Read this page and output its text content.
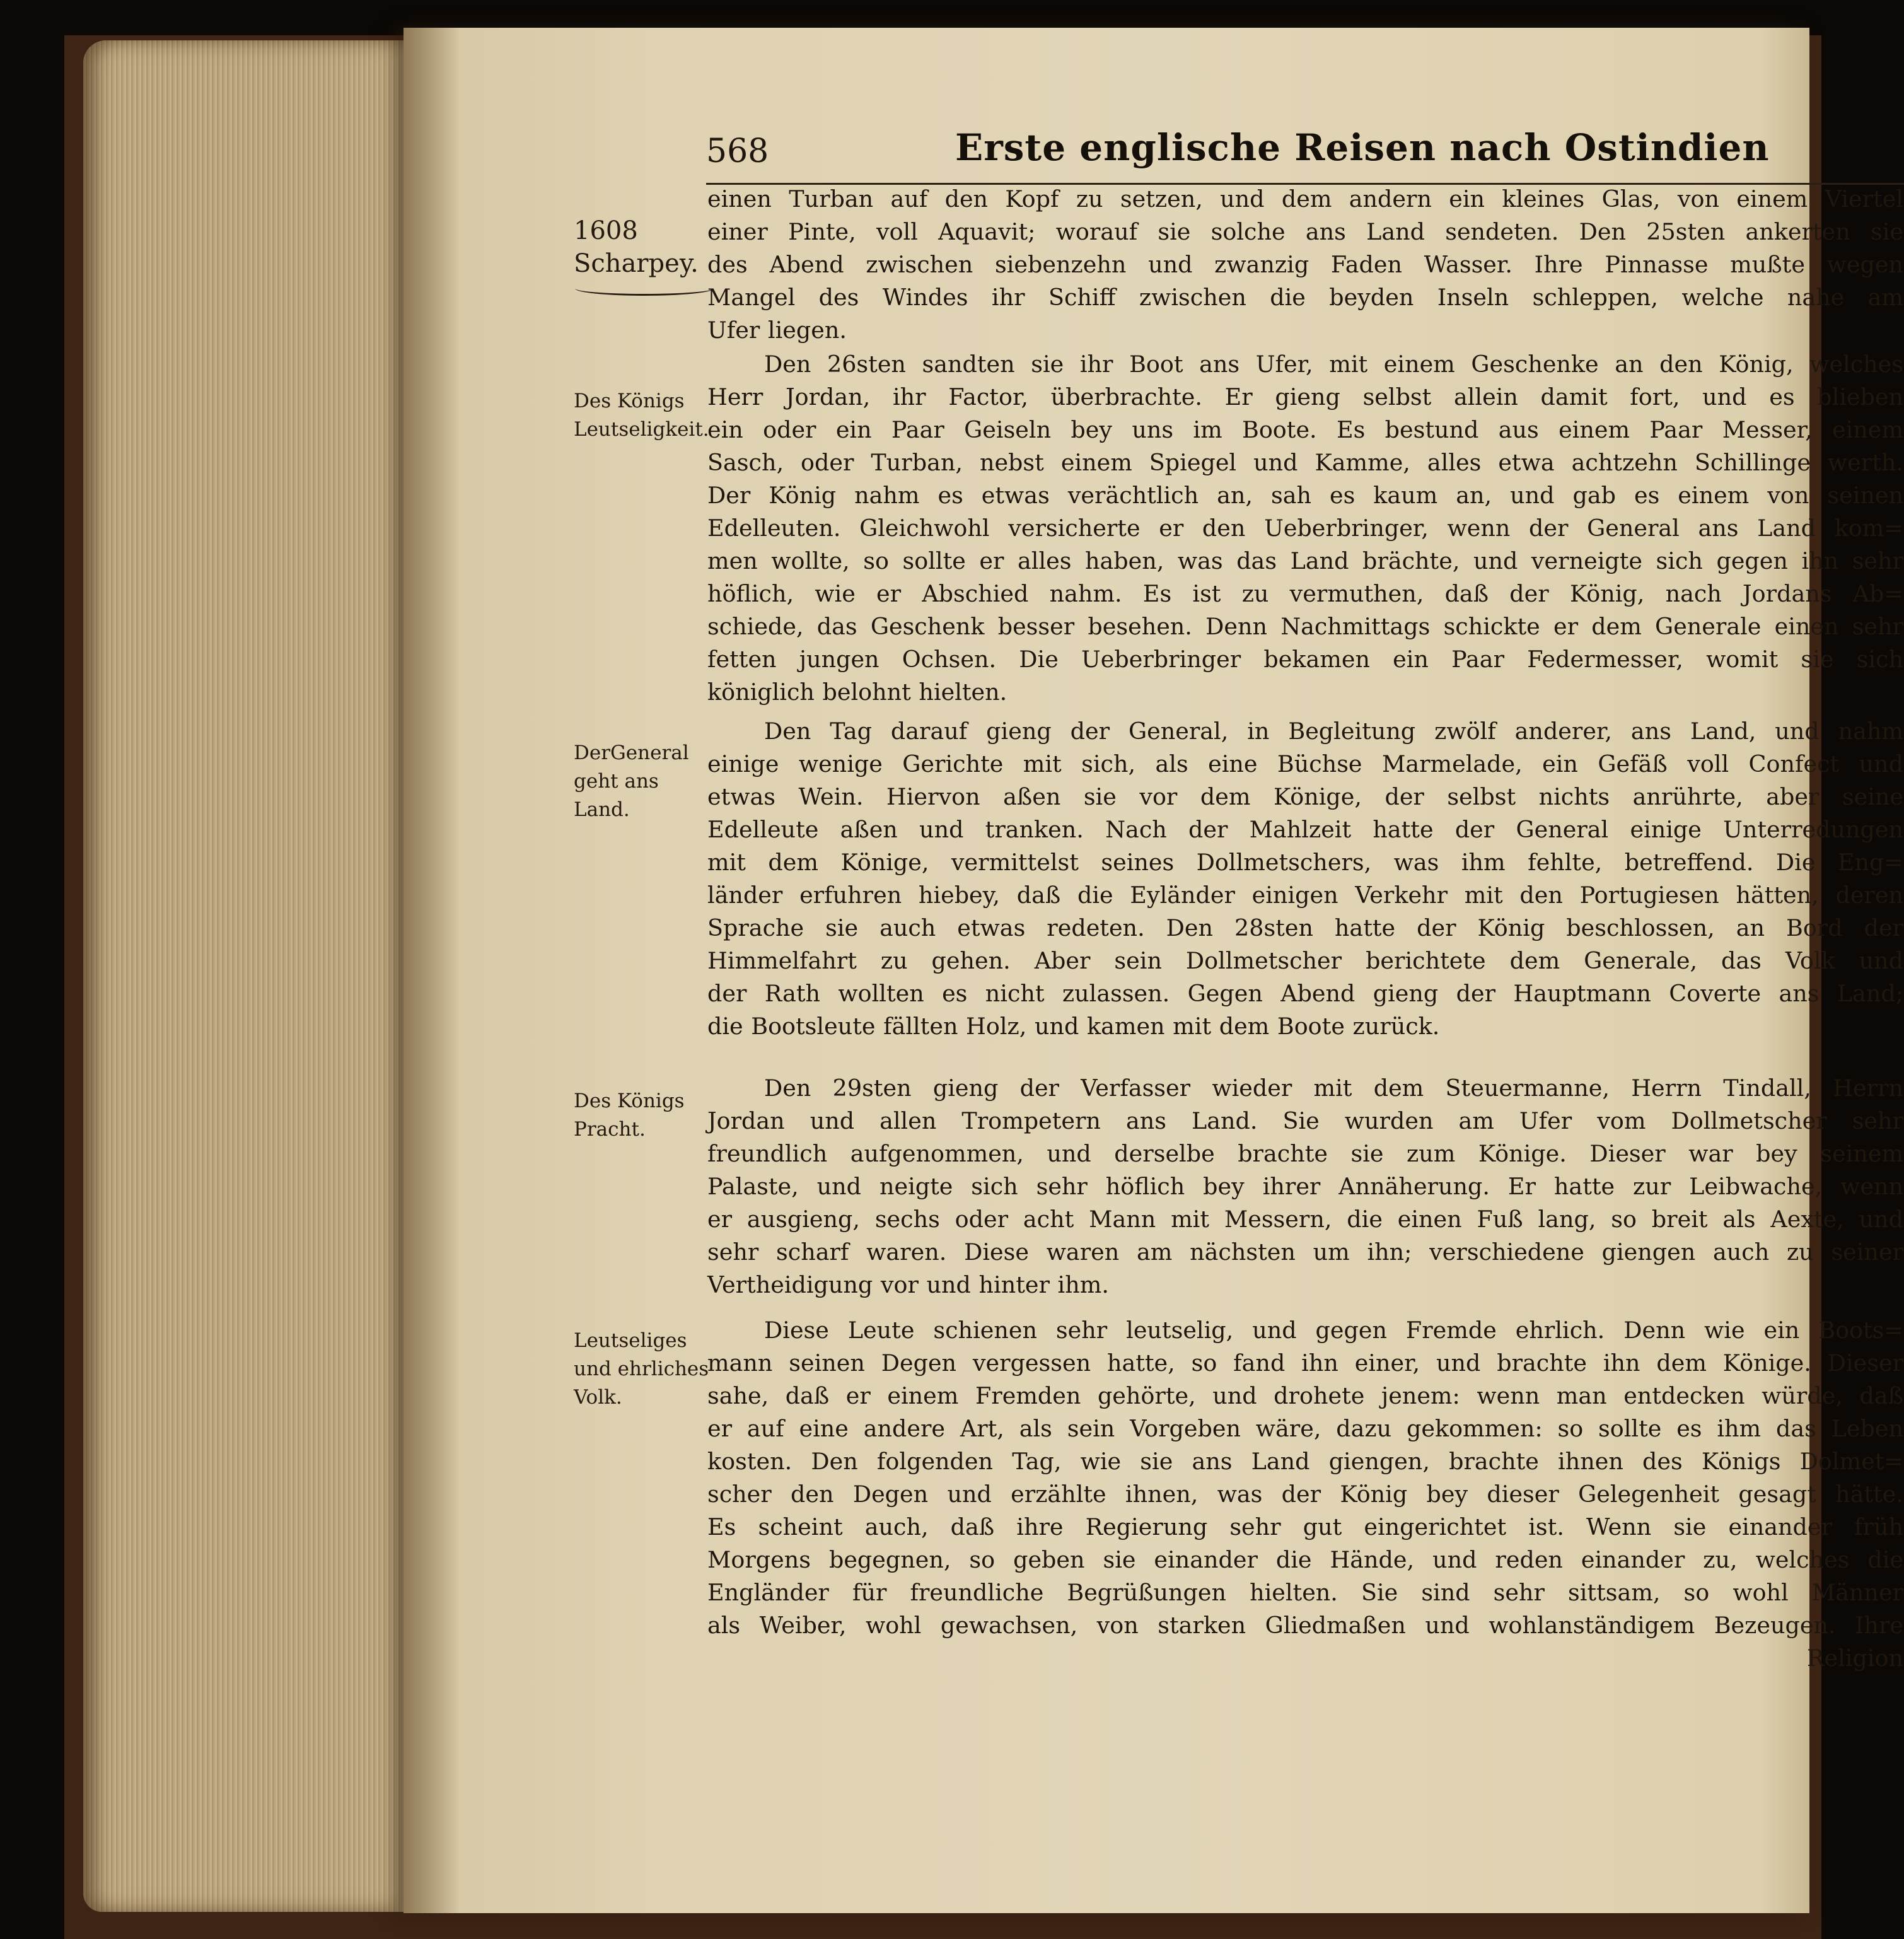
568	Erste englische Reisen nach Ostindien
1608
Scharpey.
Des Königs
Leutseligkeit.
DerGeneral
geht ans
Land.
Des Königs
Pracht.
Leutseliges
und ehrliches
Volk.
einen Turban auf den Kopf zu setzen, und dem andern ein kleines Glas, von einem Viertel
einer Pinte, voll Aquavit; worauf sie solche ans Land sendeten. Den 25sten ankerten sie
des Abend zwischen siebenzehn und zwanzig Faden Wasser. Ihre Pinnasse mußte wegen
Mangel des Windes ihr Schiff zwischen die beyden Inseln schleppen, welche nahe am
Ufer liegen.
Den 26sten sandten sie ihr Boot ans Ufer, mit einem Geschenke an den König, welches
Herr Jordan, ihr Factor, überbrachte. Er gieng selbst allein damit fort, und es blieben
ein oder ein Paar Geiseln bey uns im Boote. Es bestund aus einem Paar Messer, einem
Sasch, oder Turban, nebst einem Spiegel und Kamme, alles etwa achtzehn Schillinge werth.
Der König nahm es etwas verächtlich an, sah es kaum an, und gab es einem von seinen
Edelleuten. Gleichwohl versicherte er den Ueberbringer, wenn der General ans Land kom=
men wollte, so sollte er alles haben, was das Land brächte, und verneigte sich gegen ihn sehr
höflich, wie er Abschied nahm. Es ist zu vermuthen, daß der König, nach Jordans Ab=
schiede, das Geschenk besser besehen. Denn Nachmittags schickte er dem Generale einen sehr
fetten jungen Ochsen. Die Ueberbringer bekamen ein Paar Federmesser, womit sie sich
königlich belohnt hielten.
Den Tag darauf gieng der General, in Begleitung zwölf anderer, ans Land, und nahm
einige wenige Gerichte mit sich, als eine Büchse Marmelade, ein Gefäß voll Confect und
etwas Wein. Hiervon aßen sie vor dem Könige, der selbst nichts anrührte, aber seine
Edelleute aßen und tranken. Nach der Mahlzeit hatte der General einige Unterredungen
mit dem Könige, vermittelst seines Dollmetschers, was ihm fehlte, betreffend. Die Eng=
länder erfuhren hiebey, daß die Eyländer einigen Verkehr mit den Portugiesen hätten, deren
Sprache sie auch etwas redeten. Den 28sten hatte der König beschlossen, an Bord der
Himmelfahrt zu gehen. Aber sein Dollmetscher berichtete dem Generale, das Volk und
der Rath wollten es nicht zulassen. Gegen Abend gieng der Hauptmann Coverte ans Land;
die Bootsleute fällten Holz, und kamen mit dem Boote zurück.
Den 29sten gieng der Verfasser wieder mit dem Steuermanne, Herrn Tindall, Herrn
Jordan und allen Trompetern ans Land. Sie wurden am Ufer vom Dollmetscher sehr
freundlich aufgenommen, und derselbe brachte sie zum Könige. Dieser war bey seinem
Palaste, und neigte sich sehr höflich bey ihrer Annäherung. Er hatte zur Leibwache, wenn
er ausgieng, sechs oder acht Mann mit Messern, die einen Fuß lang, so breit als Aexte, und
sehr scharf waren. Diese waren am nächsten um ihn; verschiedene giengen auch zu seiner
Vertheidigung vor und hinter ihm.
Diese Leute schienen sehr leutselig, und gegen Fremde ehrlich. Denn wie ein Boots=
mann seinen Degen vergessen hatte, so fand ihn einer, und brachte ihn dem Könige. Dieser
sahe, daß er einem Fremden gehörte, und drohete jenem: wenn man entdecken würde, daß
er auf eine andere Art, als sein Vorgeben wäre, dazu gekommen: so sollte es ihm das Leben
kosten. Den folgenden Tag, wie sie ans Land giengen, brachte ihnen des Königs Dolmet=
scher den Degen und erzählte ihnen, was der König bey dieser Gelegenheit gesagt hätte.
Es scheint auch, daß ihre Regierung sehr gut eingerichtet ist. Wenn sie einander früh
Morgens begegnen, so geben sie einander die Hände, und reden einander zu, welches die
Engländer für freundliche Begrüßungen hielten. Sie sind sehr sittsam, so wohl Männer
als Weiber, wohl gewachsen, von starken Gliedmaßen und wohlanständigem Bezeugen. Ihre
Religion
